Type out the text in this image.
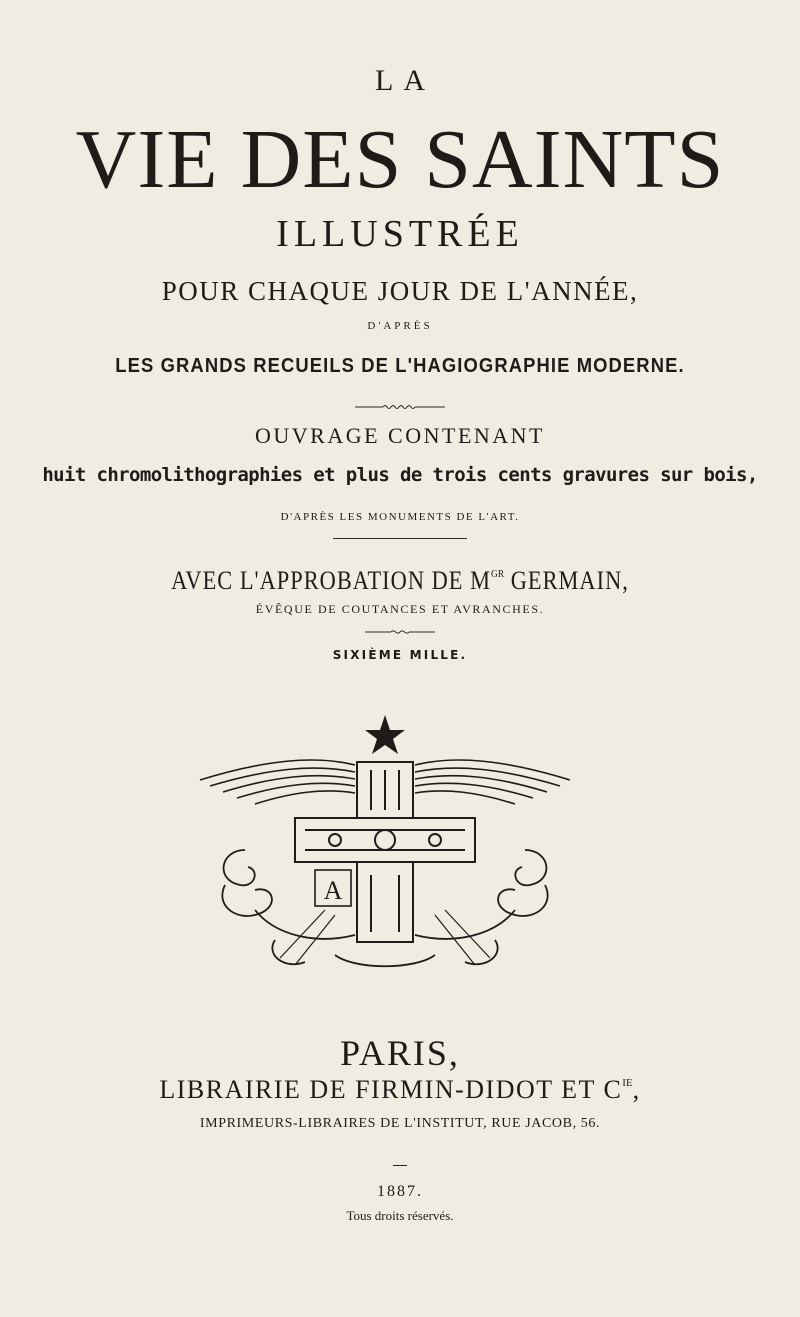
LA
VIE DES SAINTS
ILLUSTRÉE
POUR CHAQUE JOUR DE L'ANNÉE,
D'APRÈS
LES GRANDS RECUEILS DE L'HAGIOGRAPHIE MODERNE.
OUVRAGE CONTENANT
huit chromolithographies et plus de trois cents gravures sur bois,
D'APRÈS LES MONUMENTS DE L'ART.
AVEC L'APPROBATION DE $M^{GR}$ GERMAIN,
ÉVÊQUE DE COUTANCES ET AVRANCHES.
SIXIÈME MILLE.
A
PARIS,
LIBRAIRIE DE FIRMIN-DIDOT ET $C^{IE}$,
IMPRIMEURS-LIBRAIRES DE L'INSTITUT, RUE JACOB, 56.
1887.
Tous droits réservés.
